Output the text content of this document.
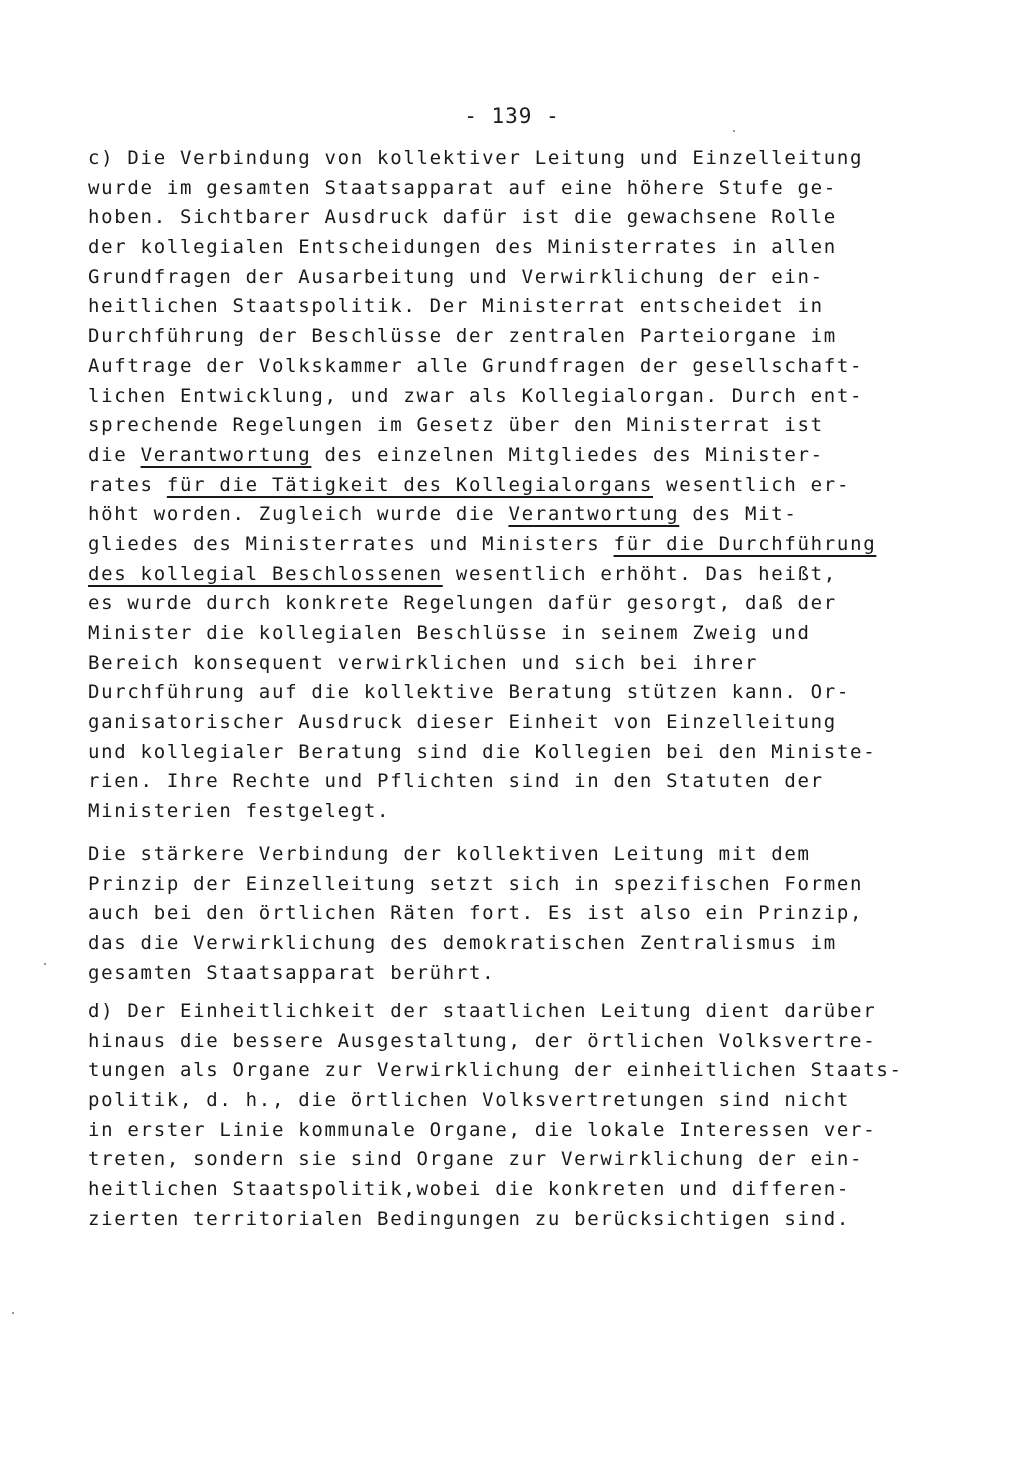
- 139 -
c) Die Verbindung von kollektiver Leitung und Einzelleitung
wurde im gesamten Staatsapparat auf eine höhere Stufe ge-
hoben. Sichtbarer Ausdruck dafür ist die gewachsene Rolle
der kollegialen Entscheidungen des Ministerrates in allen
Grundfragen der Ausarbeitung und Verwirklichung der ein-
heitlichen Staatspolitik. Der Ministerrat entscheidet in
Durchführung der Beschlüsse der zentralen Parteiorgane im
Auftrage der Volkskammer alle Grundfragen der gesellschaft-
lichen Entwicklung, und zwar als Kollegialorgan. Durch ent-
sprechende Regelungen im Gesetz über den Ministerrat ist
die Verantwortung des einzelnen Mitgliedes des Minister-
rates für die Tätigkeit des Kollegialorgans wesentlich er-
höht worden. Zugleich wurde die Verantwortung des Mit-
gliedes des Ministerrates und Ministers für die Durchführung
des kollegial Beschlossenen wesentlich erhöht. Das heißt,
es wurde durch konkrete Regelungen dafür gesorgt, daß der
Minister die kollegialen Beschlüsse in seinem Zweig und
Bereich konsequent verwirklichen und sich bei ihrer
Durchführung auf die kollektive Beratung stützen kann. Or-
ganisatorischer Ausdruck dieser Einheit von Einzelleitung
und kollegialer Beratung sind die Kollegien bei den Ministe-
rien. Ihre Rechte und Pflichten sind in den Statuten der
Ministerien festgelegt.
Die stärkere Verbindung der kollektiven Leitung mit dem
Prinzip der Einzelleitung setzt sich in spezifischen Formen
auch bei den örtlichen Räten fort. Es ist also ein Prinzip,
das die Verwirklichung des demokratischen Zentralismus im
gesamten Staatsapparat berührt.
d) Der Einheitlichkeit der staatlichen Leitung dient darüber
hinaus die bessere Ausgestaltung, der örtlichen Volksvertre-
tungen als Organe zur Verwirklichung der einheitlichen Staats-
politik, d. h., die örtlichen Volksvertretungen sind nicht
in erster Linie kommunale Organe, die lokale Interessen ver-
treten, sondern sie sind Organe zur Verwirklichung der ein-
heitlichen Staatspolitik,wobei die konkreten und differen-
zierten territorialen Bedingungen zu berücksichtigen sind.
